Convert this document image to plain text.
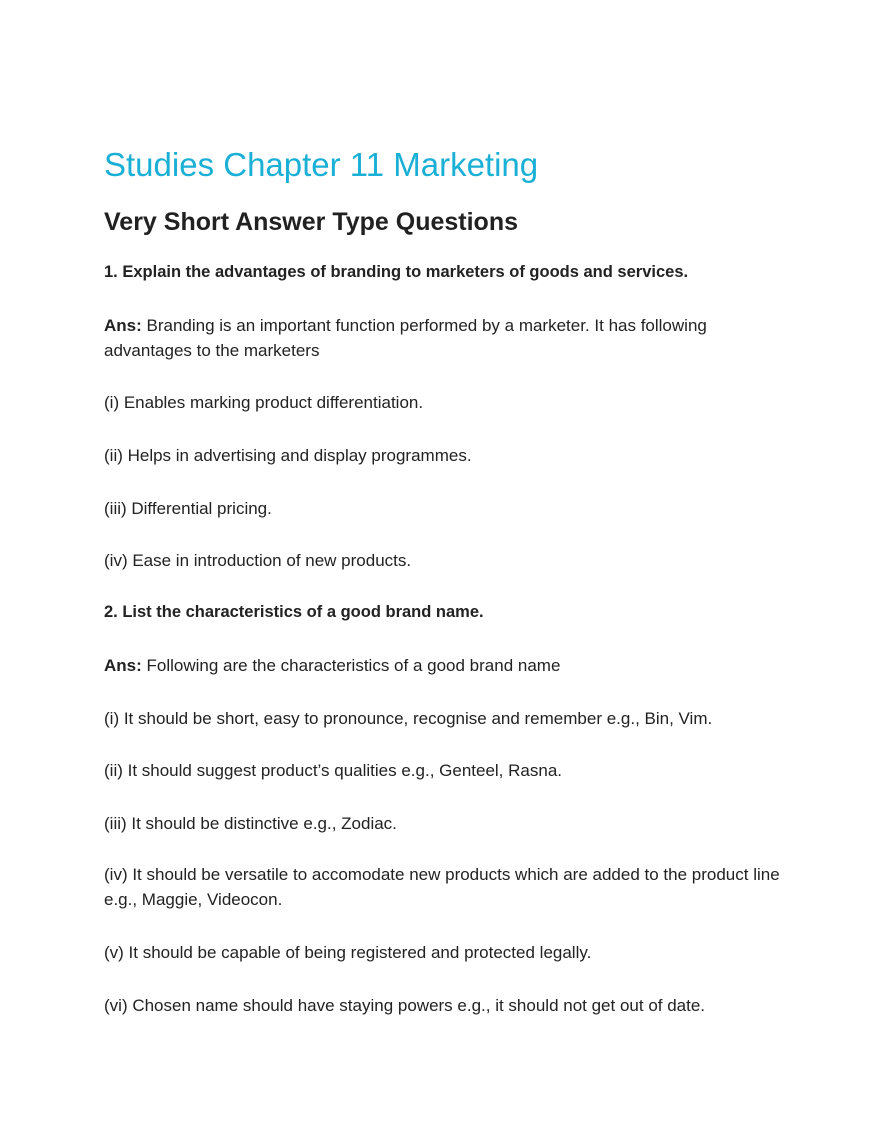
Studies Chapter 11 Marketing
Very Short Answer Type Questions
1. Explain the advantages of branding to marketers of goods and services.
Ans: Branding is an important function performed by a marketer. It has following advantages to the marketers
(i) Enables marking product differentiation.
(ii) Helps in advertising and display programmes.
(iii) Differential pricing.
(iv) Ease in introduction of new products.
2. List the characteristics of a good brand name.
Ans: Following are the characteristics of a good brand name
(i) It should be short, easy to pronounce, recognise and remember e.g., Bin, Vim.
(ii) It should suggest product’s qualities e.g., Genteel, Rasna.
(iii) It should be distinctive e.g., Zodiac.
(iv) It should be versatile to accomodate new products which are added to the product line e.g., Maggie, Videocon.
(v) It should be capable of being registered and protected legally.
(vi) Chosen name should have staying powers e.g., it should not get out of date.
